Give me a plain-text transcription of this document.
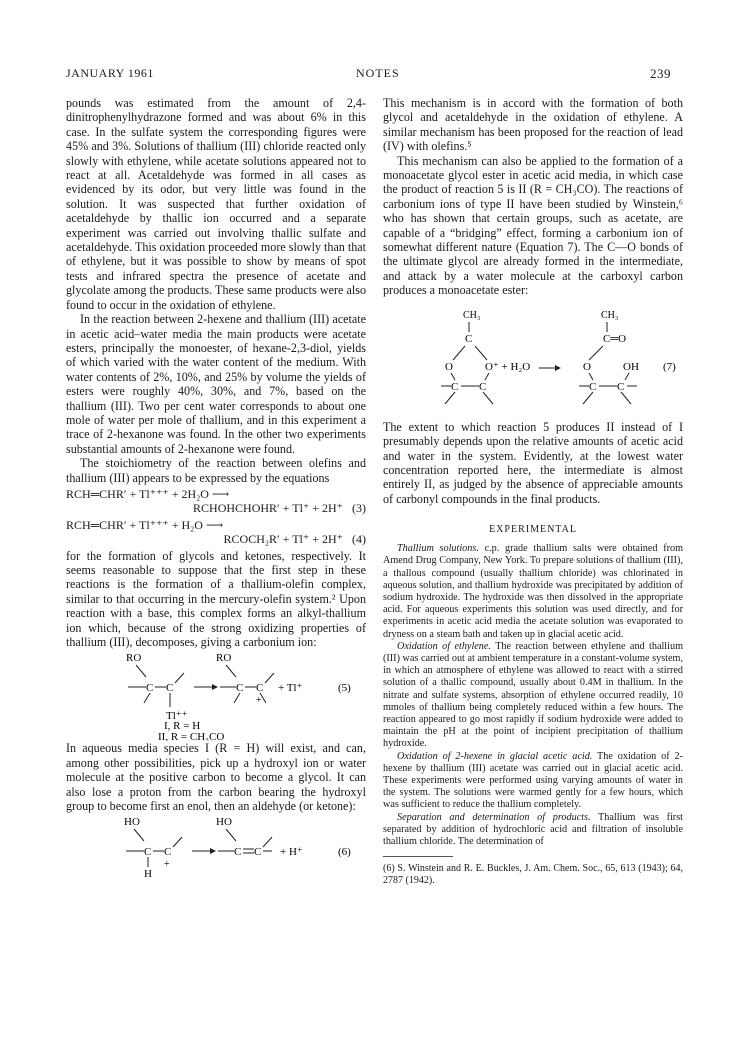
JANUARY 1961	NOTES	239

pounds was estimated from the amount of 2,4-dinitrophenylhydrazone formed and was about 6% in this case. In the sulfate system the corresponding figures were 45% and 3%. Solutions of thallium (III) chloride reacted only slowly with ethylene, while acetate solutions appeared not to react at all. Acetaldehyde was formed in all cases as evidenced by its odor, but very little was found in the solution. It was suspected that further oxidation of acetaldehyde by thallic ion occurred and a separate experiment was carried out involving thallic sulfate and acetaldehyde. This oxidation proceeded more slowly than that of ethylene, but it was possible to show by means of spot tests and infrared spectra the presence of acetate and glycolate among the products. These same products were also found to occur in the oxidation of ethylene.

In the reaction between 2-hexene and thallium (III) acetate in acetic acid–water media the main products were acetate esters, principally the monoester, of hexane-2,3-diol, yields of which varied with the water content of the medium. With water contents of 2%, 10%, and 25% by volume the yields of esters were roughly 40%, 30%, and 7%, based on the thallium (III). Two per cent water corresponds to about one mole of water per mole of thallium, and in this experiment a trace of 2-hexanone was found. In the other two experiments substantial amounts of 2-hexanone were found.

The stoichiometry of the reaction between olefins and thallium (III) appears to be expressed by the equations

RCH═CHR′ + Tl⁺⁺⁺ + 2H₂O ⟶
RCHOHCHOHR′ + Tl⁺ + 2H⁺ (3)
RCH═CHR′ + Tl⁺⁺⁺ + H₂O ⟶
RCOCH₂R′ + Tl⁺ + 2H⁺ (4)

for the formation of glycols and ketones, respectively. It seems reasonable to suppose that the first step in these reactions is the formation of a thallium-olefin complex, similar to that occurring in the mercury-olefin system.² Upon reaction with a base, this complex forms an alkyl-thallium ion which, because of the strong oxidizing properties of thallium (III), decomposes, giving a carbonium ion:

RO	RO
C C
Tl⁺⁺
C C
+
+ Tl⁺	(5)
I, R = H
II, R = CH₃CO

In aqueous media species I (R = H) will exist, and can, among other possibilities, pick up a hydroxyl ion or water molecule at the positive carbon to become a glycol. It can also lose a proton from the carbon bearing the hydroxyl group to become first an enol, then an aldehyde (or ketone):

HO	HO
C C
H
+
C C + H⁺	(6)

This mechanism is in accord with the formation of both glycol and acetaldehyde in the oxidation of ethylene. A similar mechanism has been proposed for the reaction of lead (IV) with olefins.⁵

This mechanism can also be applied to the formation of a monoacetate glycol ester in acetic acid media, in which case the product of reaction 5 is II (R = CH₃CO). The reactions of carbonium ions of type II have been studied by Winstein,⁶ who has shown that certain groups, such as acetate, are capable of a “bridging” effect, forming a carbonium ion of somewhat different nature (Equation 7). The C—O bonds of the ultimate glycol are already formed in the intermediate, and attack by a water molecule at the carboxyl carbon produces a monoacetate ester:

CH₃
C
O	O⁺ + H₂O
C C
CH₃
C═O
O	OH
C C
(7)

The extent to which reaction 5 produces II instead of I presumably depends upon the relative amounts of acetic acid and water in the system. Evidently, at the lowest water concentration reported here, the intermediate is almost entirely II, as judged by the absence of appreciable amounts of carbonyl compounds in the final products.

EXPERIMENTAL

Thallium solutions. c.p. grade thallium salts were obtained from Amend Drug Company, New York. To prepare solutions of thallium (III), a thallous compound (usually thallium chloride) was chlorinated in aqueous solution, and thallium hydroxide was precipitated by addition of sodium hydroxide. The hydroxide was then dissolved in the appropriate acid. For aqueous experiments this solution was used directly, and for experiments in acetic acid media the acetate solution was evaporated to dryness on a steam bath and taken up in glacial acetic acid.

Oxidation of ethylene. The reaction between ethylene and thallium (III) was carried out at ambient temperature in a constant-volume system, in which an atmosphere of ethylene was allowed to react with a stirred solution of a thallic compound, usually about 0.4M in thallium. In the nitrate and sulfate systems, absorption of ethylene occurred readily, 10 mmoles of thallium being completely reduced within a few hours. The reaction appeared to go most rapidly if sodium hydroxide were added to maintain the pH at the point of incipient precipitation of thallium hydroxide.

Oxidation of 2-hexene in glacial acetic acid. The oxidation of 2-hexene by thallium (III) acetate was carried out in glacial acetic acid. These experiments were performed using varying amounts of water in the system. The solutions were warmed gently for a few hours, which was sufficient to reduce the thallium completely.

Separation and determination of products. Thallium was first separated by addition of hydrochloric acid and filtration of insoluble thallium chloride. The determination of

(6) S. Winstein and R. E. Buckles, J. Am. Chem. Soc., 65, 613 (1943); 64, 2787 (1942).
